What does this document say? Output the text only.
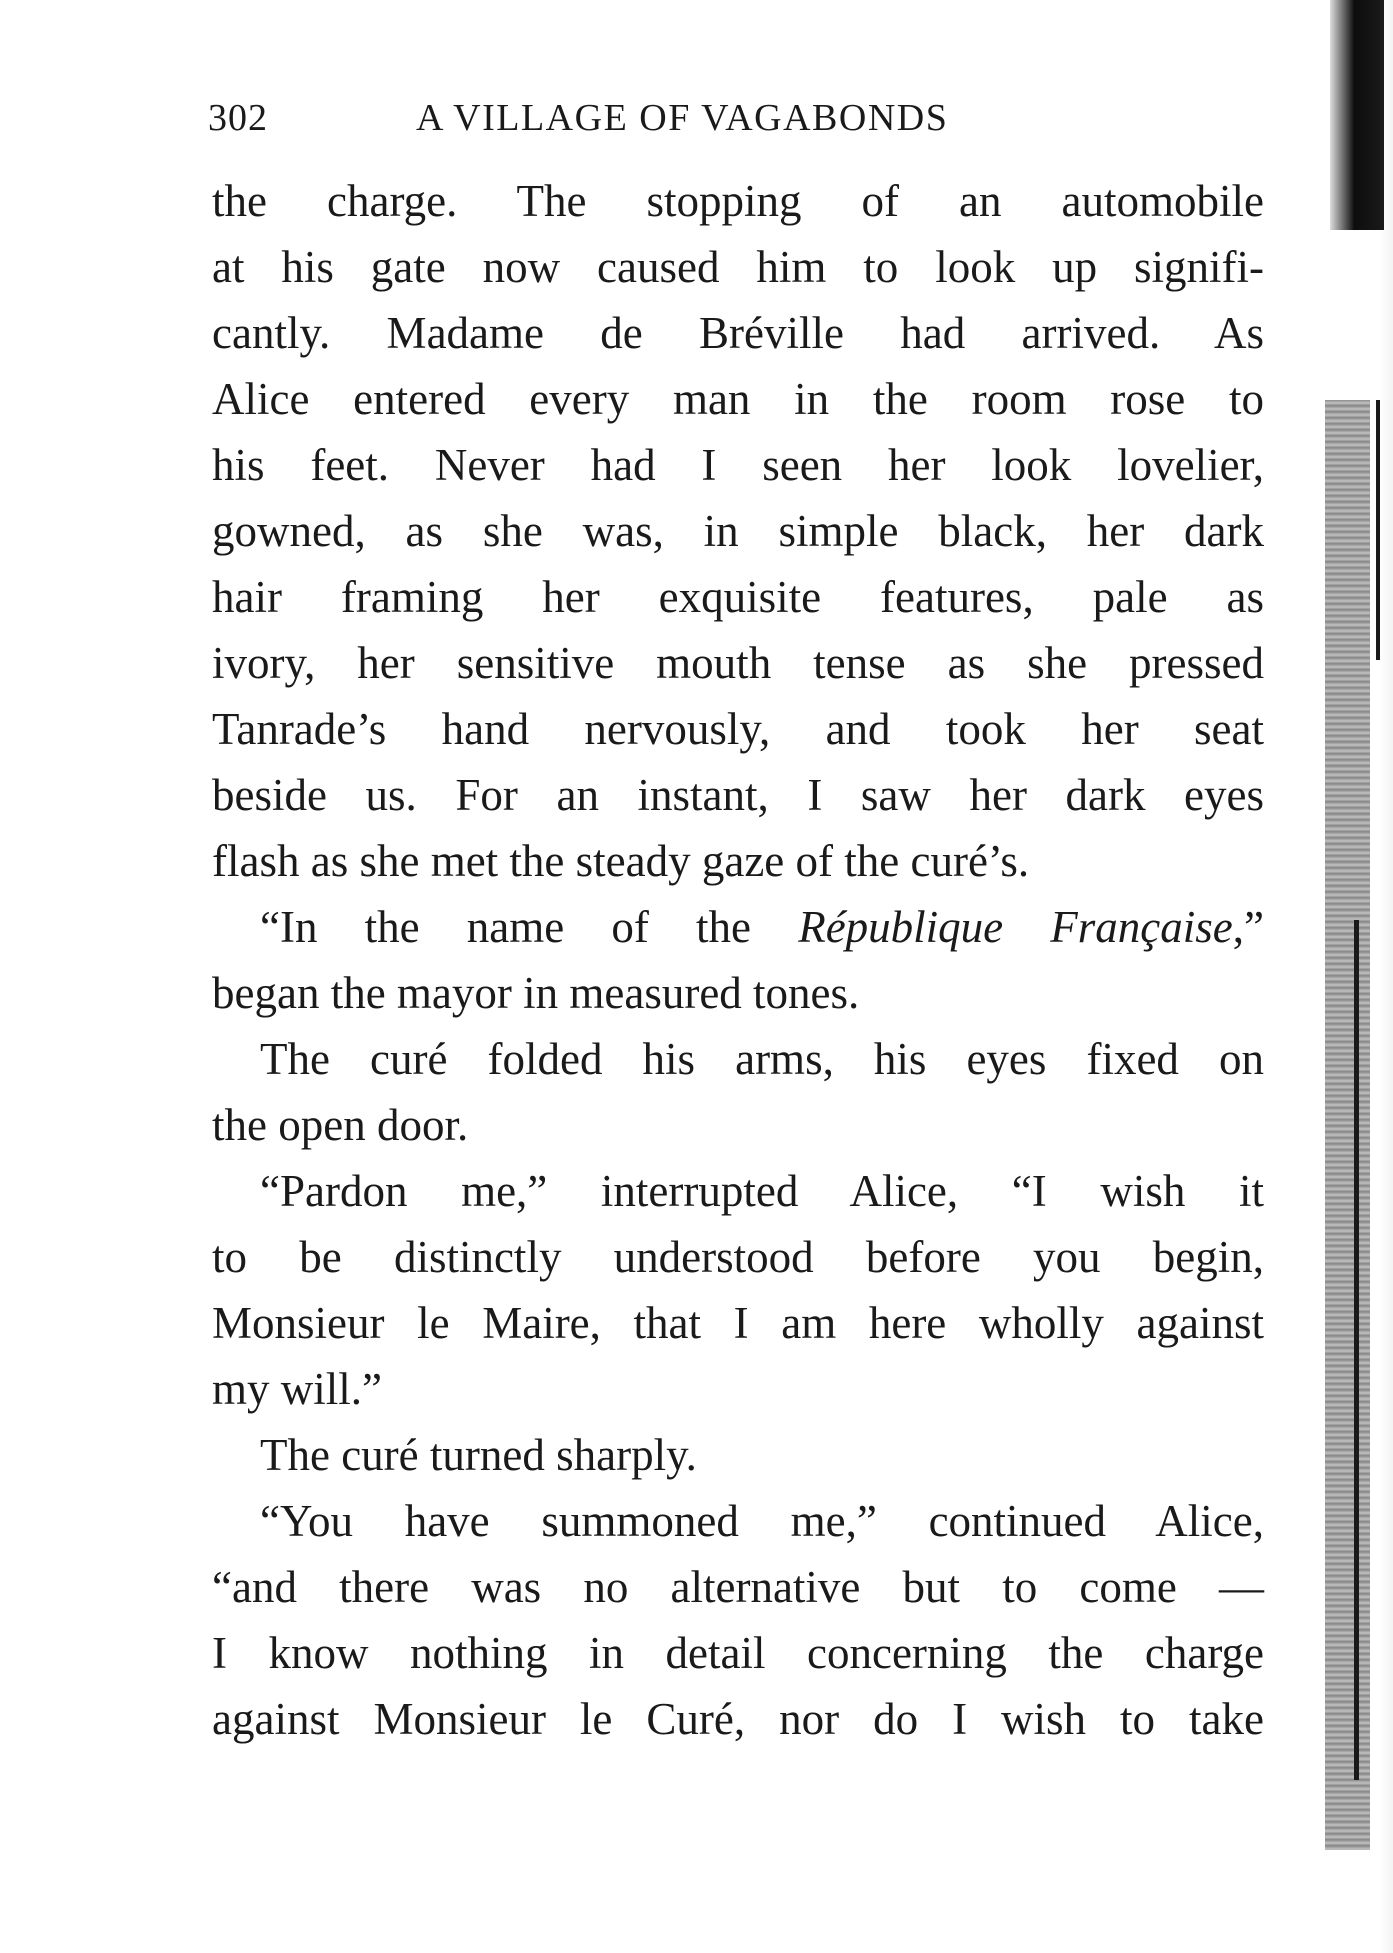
302	A VILLAGE OF VAGABONDS
the charge. The stopping of an automobile
at his gate now caused him to look up signifi-
cantly. Madame de Bréville had arrived. As
Alice entered every man in the room rose to
his feet. Never had I seen her look lovelier,
gowned, as she was, in simple black, her dark
hair framing her exquisite features, pale as
ivory, her sensitive mouth tense as she pressed
Tanrade’s hand nervously, and took her seat
beside us. For an instant, I saw her dark eyes
flash as she met the steady gaze of the curé’s.
“In the name of the République Française,”
began the mayor in measured tones.
The curé folded his arms, his eyes fixed on
the open door.
“Pardon me,” interrupted Alice, “I wish it
to be distinctly understood before you begin,
Monsieur le Maire, that I am here wholly against
my will.”
The curé turned sharply.
“You have summoned me,” continued Alice,
“and there was no alternative but to come —
I know nothing in detail concerning the charge
against Monsieur le Curé, nor do I wish to take
